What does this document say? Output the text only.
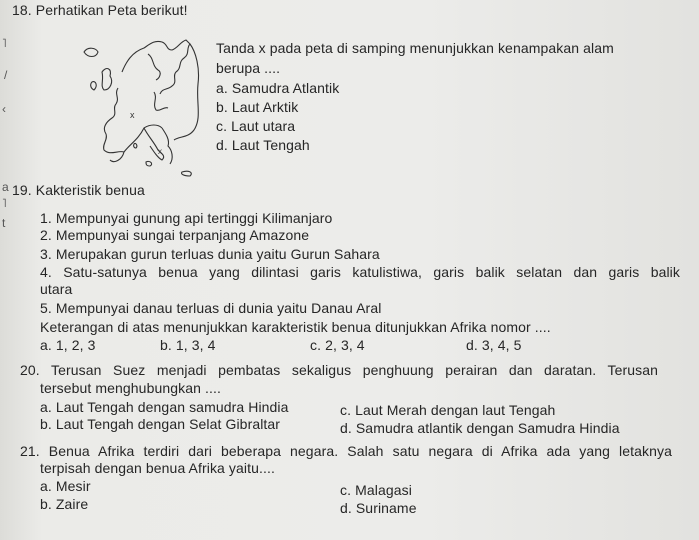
˥
/
‹
a
˥
t
18. Perhatikan Peta berikut!
x
x
Tanda x pada peta di samping menunjukkan kenampakan alam
berupa ....
a. Samudra Atlantik
b. Laut Arktik
c. Laut utara
d. Laut Tengah
19. Kakteristik benua
1. Mempunyai gunung api tertinggi Kilimanjaro
2. Mempunyai sungai terpanjang Amazone
3. Merupakan gurun terluas dunia yaitu Gurun Sahara
4. Satu-satunya benua yang dilintasi garis katulistiwa, garis balik selatan dan garis balik
utara
5. Mempunyai danau terluas di dunia yaitu Danau Aral
Keterangan di atas menunjukkan karakteristik benua ditunjukkan Afrika nomor ....
a. 1, 2, 3	b. 1, 3, 4	c. 2, 3, 4	d. 3, 4, 5
20. Terusan Suez menjadi pembatas sekaligus penghuung perairan dan daratan. Terusan
tersebut menghubungkan ....
a. Laut Tengah dengan samudra Hindia	c. Laut Merah dengan laut Tengah
b. Laut Tengah dengan Selat Gibraltar	d. Samudra atlantik dengan Samudra Hindia
21. Benua Afrika terdiri dari beberapa negara. Salah satu negara di Afrika ada yang letaknya
terpisah dengan benua Afrika yaitu....
a. Mesir	c. Malagasi
b. Zaire	d. Suriname
